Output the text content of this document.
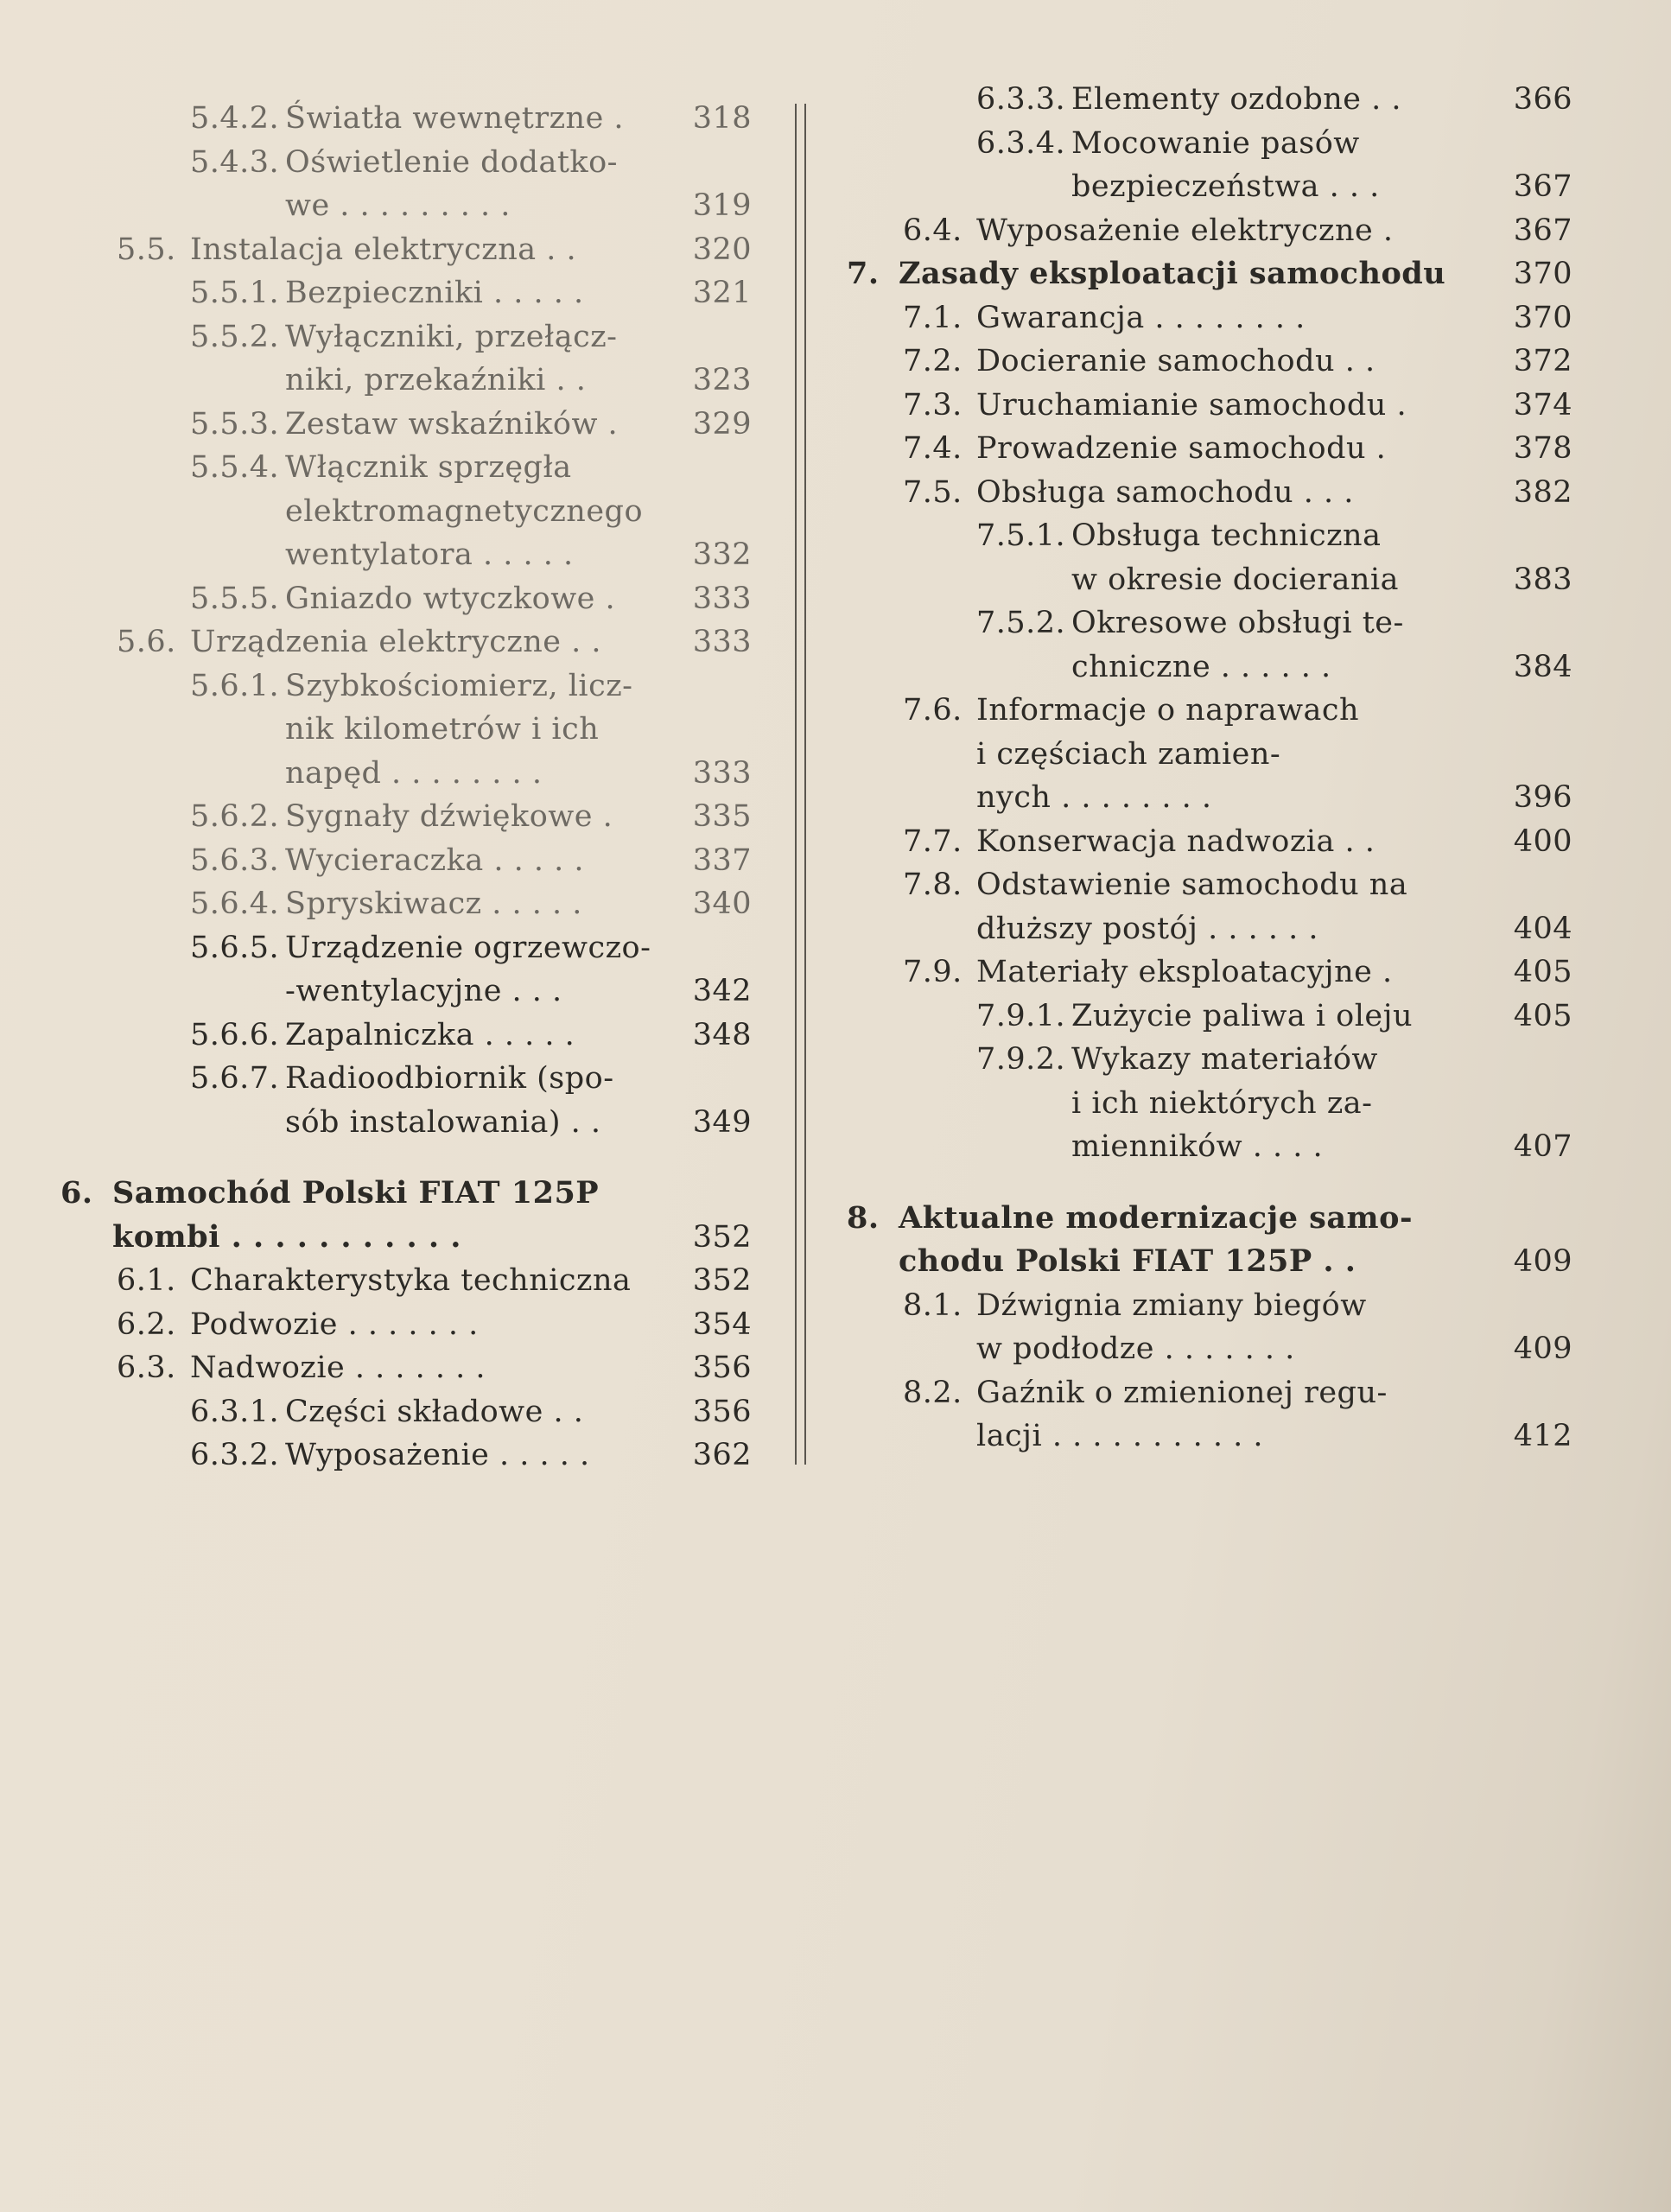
5.4.2. Światła wewnętrzne .	318
5.4.3. Oświetlenie dodatko-
we . . . . . . . . .	319
5.5. Instalacja elektryczna . .	320
5.5.1. Bezpieczniki . . . . .	321
5.5.2. Wyłączniki, przełącz-
niki, przekaźniki . .	323
5.5.3. Zestaw wskaźników .	329
5.5.4. Włącznik sprzęgła
elektromagnetycznego
wentylatora . . . . .	332
5.5.5. Gniazdo wtyczkowe .	333
5.6. Urządzenia elektryczne . .	333
5.6.1. Szybkościomierz, licz-
nik kilometrów i ich
napęd . . . . . . . .	333
5.6.2. Sygnały dźwiękowe .	335
5.6.3. Wycieraczka . . . . .	337
5.6.4. Spryskiwacz . . . . .	340
5.6.5. Urządzenie ogrzewczo-
-wentylacyjne . . .	342
5.6.6. Zapalniczka . . . . .	348
5.6.7. Radioodbiornik (spo-
sób instalowania) . .	349
6. Samochód Polski FIAT 125P
kombi . . . . . . . . . . .	352
6.1. Charakterystyka techniczna	352
6.2. Podwozie . . . . . . .	354
6.3. Nadwozie . . . . . . .	356
6.3.1. Części składowe . .	356
6.3.2. Wyposażenie . . . . .	362
6.3.3. Elementy ozdobne . .	366
6.3.4. Mocowanie pasów
bezpieczeństwa . . .	367
6.4. Wyposażenie elektryczne .	367
7. Zasady eksploatacji samochodu	370
7.1. Gwarancja . . . . . . . .	370
7.2. Docieranie samochodu . .	372
7.3. Uruchamianie samochodu .	374
7.4. Prowadzenie samochodu .	378
7.5. Obsługa samochodu . . .	382
7.5.1. Obsługa techniczna
w okresie docierania	383
7.5.2. Okresowe obsługi te-
chniczne . . . . . .	384
7.6. Informacje o naprawach
i częściach zamien-
nych . . . . . . . .	396
7.7. Konserwacja nadwozia . .	400
7.8. Odstawienie samochodu na
dłuższy postój . . . . . .	404
7.9. Materiały eksploatacyjne .	405
7.9.1. Zużycie paliwa i oleju	405
7.9.2. Wykazy materiałów
i ich niektórych za-
mienników . . . .	407
8. Aktualne modernizacje samo-
chodu Polski FIAT 125P . .	409
8.1. Dźwignia zmiany biegów
w podłodze . . . . . . .	409
8.2. Gaźnik o zmienionej regu-
lacji . . . . . . . . . . .	412
